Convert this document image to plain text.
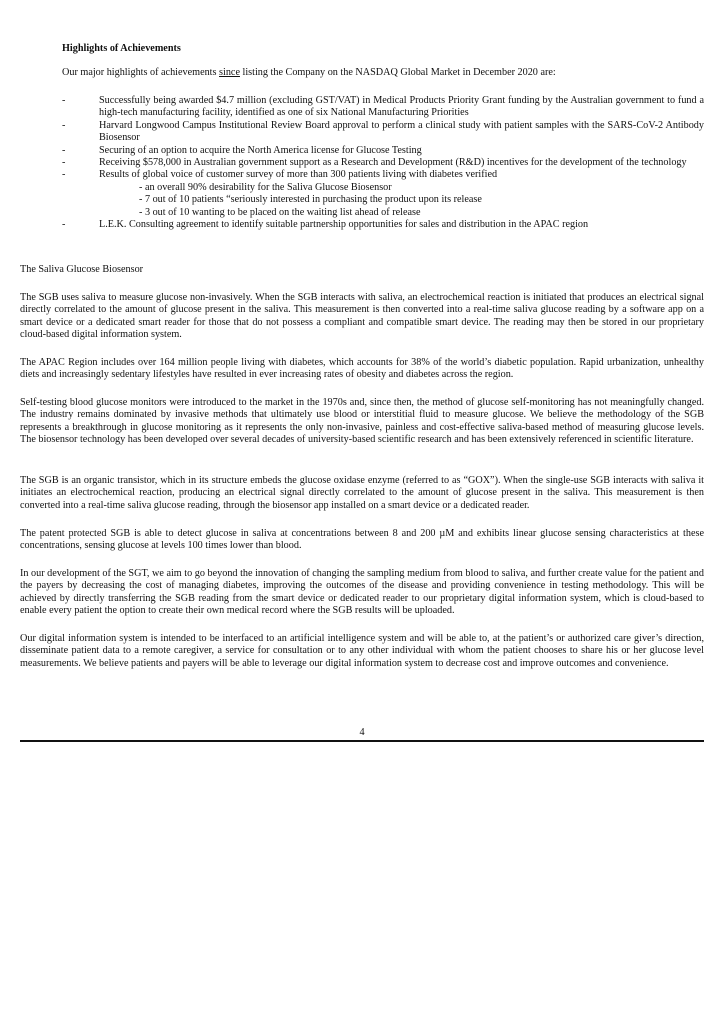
Highlights of Achievements
Our major highlights of achievements since listing the Company on the NASDAQ Global Market in December 2020 are:
-	Successfully being awarded $4.7 million (excluding GST/VAT) in Medical Products Priority Grant funding by the Australian government to fund a high-tech manufacturing facility, identified as one of six National Manufacturing Priorities
-	Harvard Longwood Campus Institutional Review Board approval to perform a clinical study with patient samples with the SARS-CoV-2 Antibody Biosensor
-	Securing of an option to acquire the North America license for Glucose Testing
-	Receiving $578,000 in Australian government support as a Research and Development (R&D) incentives for the development of the technology
-	Results of global voice of customer survey of more than 300 patients living with diabetes verified
- an overall 90% desirability for the Saliva Glucose Biosensor
- 7 out of 10 patients “seriously interested in purchasing the product upon its release
- 3 out of 10 wanting to be placed on the waiting list ahead of release
-	L.E.K. Consulting agreement to identify suitable partnership opportunities for sales and distribution in the APAC region
The Saliva Glucose Biosensor
The SGB uses saliva to measure glucose non-invasively. When the SGB interacts with saliva, an electrochemical reaction is initiated that produces an electrical signal directly correlated to the amount of glucose present in the saliva. This measurement is then converted into a real-time saliva glucose reading by a software app on a smart device or a dedicated smart reader for those that do not possess a compliant and compatible smart device. The reading may then be stored in our proprietary cloud-based digital information system.
The APAC Region includes over 164 million people living with diabetes, which accounts for 38% of the world’s diabetic population. Rapid urbanization, unhealthy diets and increasingly sedentary lifestyles have resulted in ever increasing rates of obesity and diabetes across the region.
Self-testing blood glucose monitors were introduced to the market in the 1970s and, since then, the method of glucose self-monitoring has not meaningfully changed. The industry remains dominated by invasive methods that ultimately use blood or interstitial fluid to measure glucose. We believe the methodology of the SGB represents a breakthrough in glucose monitoring as it represents the only non-invasive, painless and cost-effective saliva-based method of measuring glucose levels. The biosensor technology has been developed over several decades of university-based scientific research and has been extensively referenced in scientific literature.
The SGB is an organic transistor, which in its structure embeds the glucose oxidase enzyme (referred to as “GOX”). When the single-use SGB interacts with saliva it initiates an electrochemical reaction, producing an electrical signal directly correlated to the amount of glucose present in the saliva. This measurement is then converted into a real-time saliva glucose reading, through the biosensor app installed on a smart device or a dedicated reader.
The patent protected SGB is able to detect glucose in saliva at concentrations between 8 and 200 µM and exhibits linear glucose sensing characteristics at these concentrations, sensing glucose at levels 100 times lower than blood.
In our development of the SGT, we aim to go beyond the innovation of changing the sampling medium from blood to saliva, and further create value for the patient and the payers by decreasing the cost of managing diabetes, improving the outcomes of the disease and providing convenience in testing methodology. This will be achieved by directly transferring the SGB reading from the smart device or dedicated reader to our proprietary digital information system, which is cloud-based to enable every patient the option to create their own medical record where the SGB results will be uploaded.
Our digital information system is intended to be interfaced to an artificial intelligence system and will be able to, at the patient’s or authorized care giver’s direction, disseminate patient data to a remote caregiver, a service for consultation or to any other individual with whom the patient chooses to share his or her glucose level measurements. We believe patients and payers will be able to leverage our digital information system to decrease cost and improve outcomes and convenience.
4
